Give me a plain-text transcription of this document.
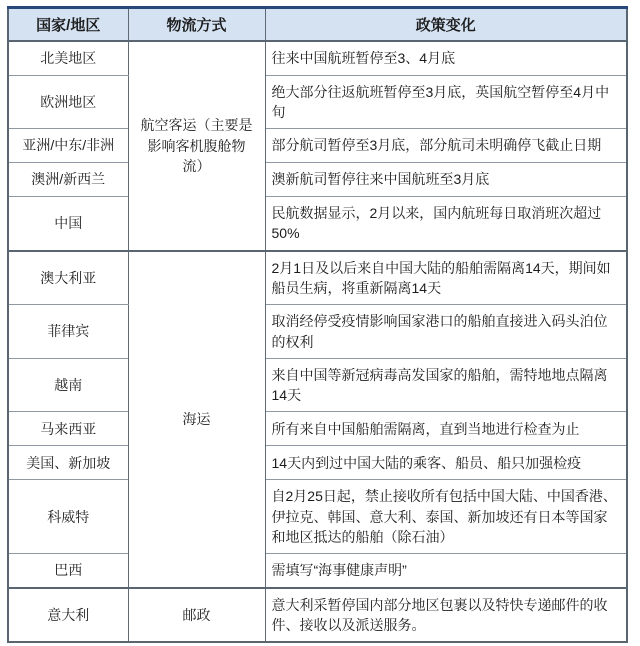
国家/地区	物流方式	政策变化
北美地区	航空客运（主要是影响客机腹舱物流）	往来中国航班暂停至3、4月底
欧洲地区		绝大部分往返航班暂停至3月底，英国航空暂停至4月中旬
亚洲/中东/非洲		部分航司暂停至3月底，部分航司未明确停飞截止日期
澳洲/新西兰		澳新航司暂停往来中国航班至3月底
中国		民航数据显示，2月以来，国内航班每日取消班次超过50%
澳大利亚	海运	2月1日及以后来自中国大陆的船舶需隔离14天，期间如船员生病，将重新隔离14天
菲律宾		取消经停受疫情影响国家港口的船舶直接进入码头泊位的权利
越南		来自中国等新冠病毒高发国家的船舶，需特地地点隔离14天
马来西亚		所有来自中国船舶需隔离，直到当地进行检查为止
美国、新加坡		14天内到过中国大陆的乘客、船员、船只加强检疫
科威特		自2月25日起，禁止接收所有包括中国大陆、中国香港、伊拉克、韩国、意大利、泰国、新加坡还有日本等国家和地区抵达的船舶（除石油）
巴西		需填写“海事健康声明”
意大利	邮政	意大利采暂停国内部分地区包裹以及特快专递邮件的收件、接收以及派送服务。
